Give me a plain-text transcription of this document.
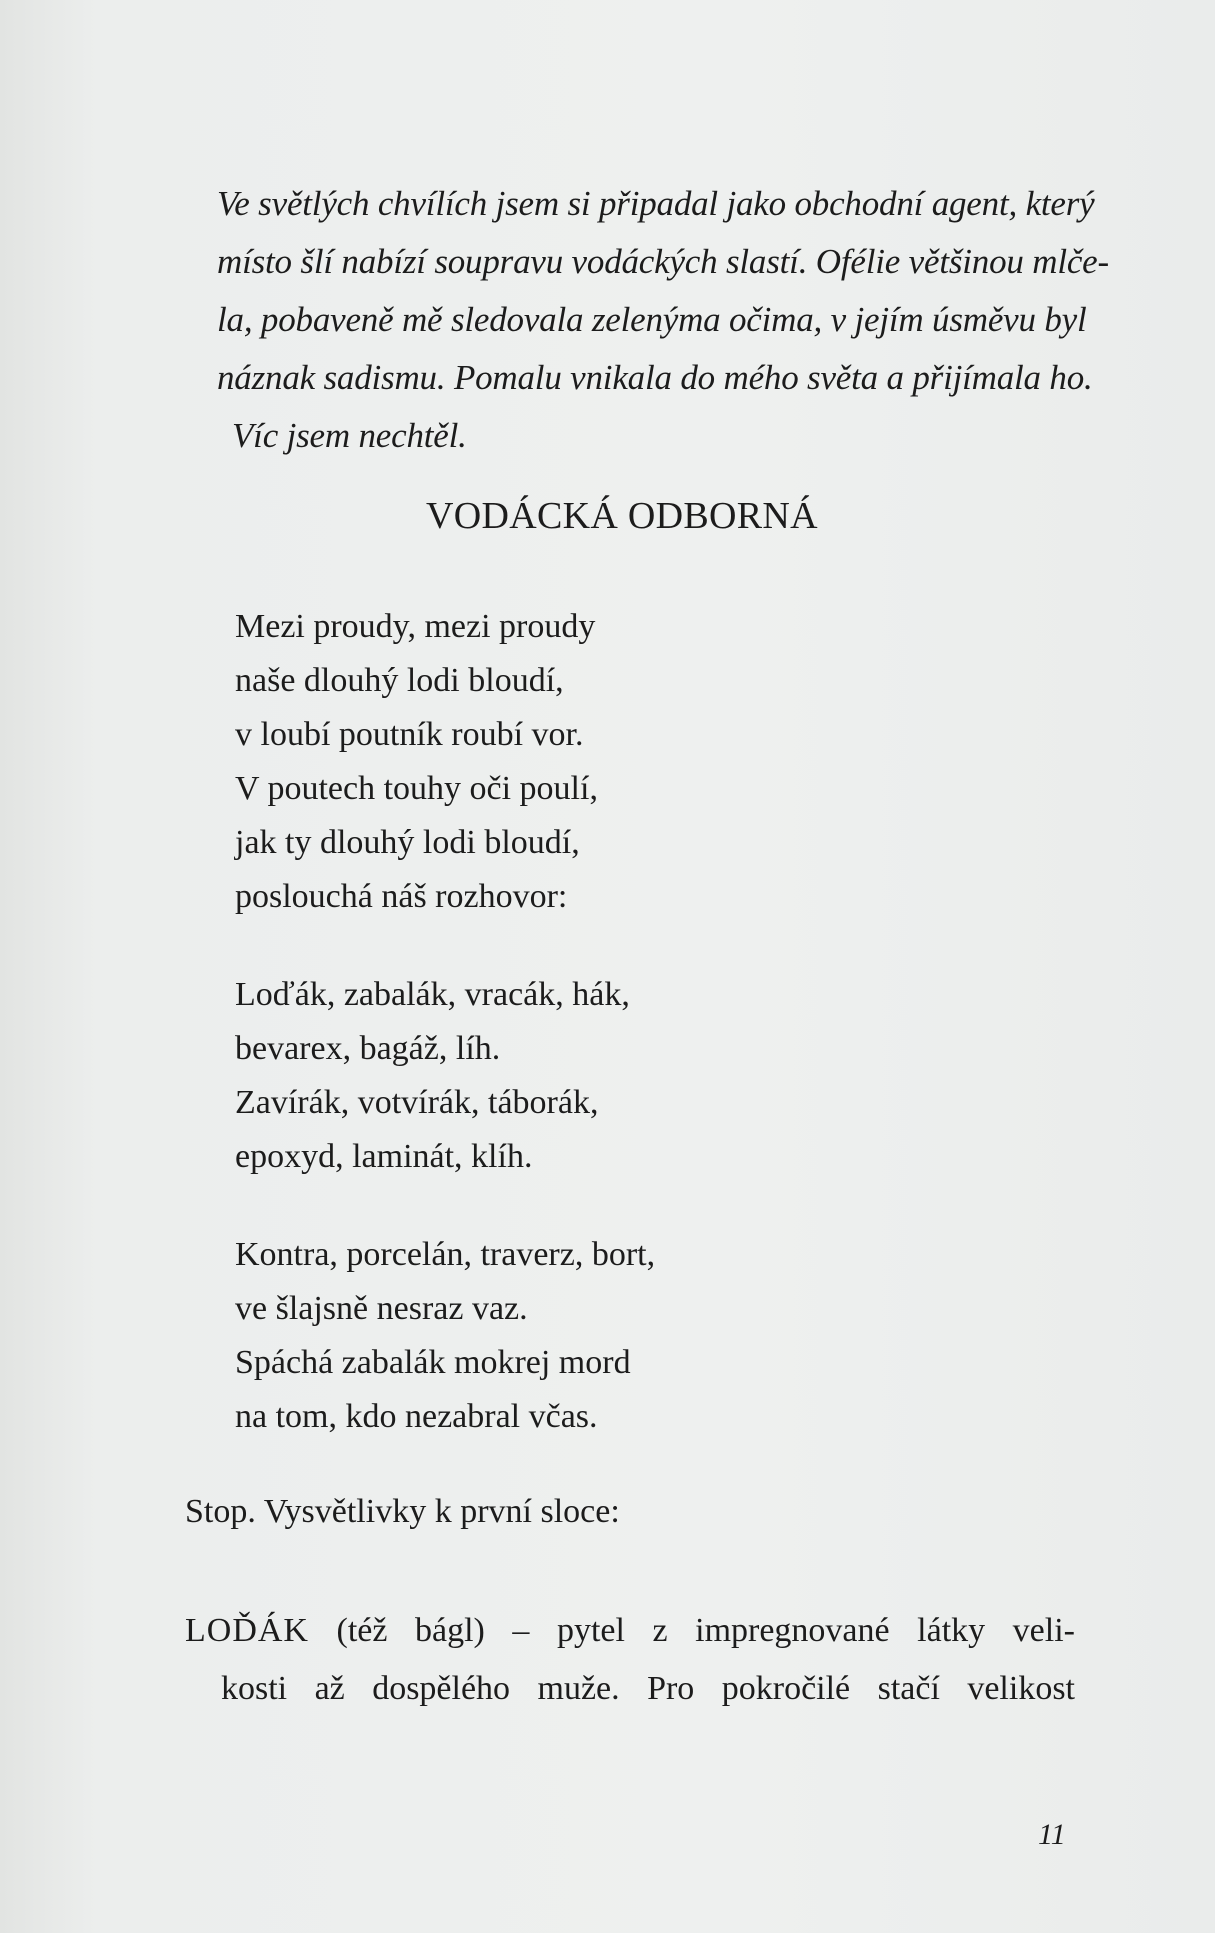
Ve světlých chvílích jsem si připadal jako obchodní agent, který
místo šlí nabízí soupravu vodáckých slastí. Ofélie většinou mlče-
la, pobaveně mě sledovala zelenýma očima, v jejím úsměvu byl
náznak sadismu. Pomalu vnikala do mého světa a přijímala ho.
Víc jsem nechtěl.
VODÁCKÁ ODBORNÁ
Mezi proudy, mezi proudy
naše dlouhý lodi bloudí,
v loubí poutník roubí vor.
V poutech touhy oči poulí,
jak ty dlouhý lodi bloudí,
poslouchá náš rozhovor:
Loďák, zabalák, vracák, hák,
bevarex, bagáž, líh.
Zavírák, votvírák, táborák,
epoxyd, laminát, klíh.
Kontra, porcelán, traverz, bort,
ve šlajsně nesraz vaz.
Spáchá zabalák mokrej mord
na tom, kdo nezabral včas.
Stop. Vysvětlivky k první sloce:
LOĎÁK (též bágl) – pytel z impregnované látky veli-
kosti až dospělého muže. Pro pokročilé stačí velikost
11
